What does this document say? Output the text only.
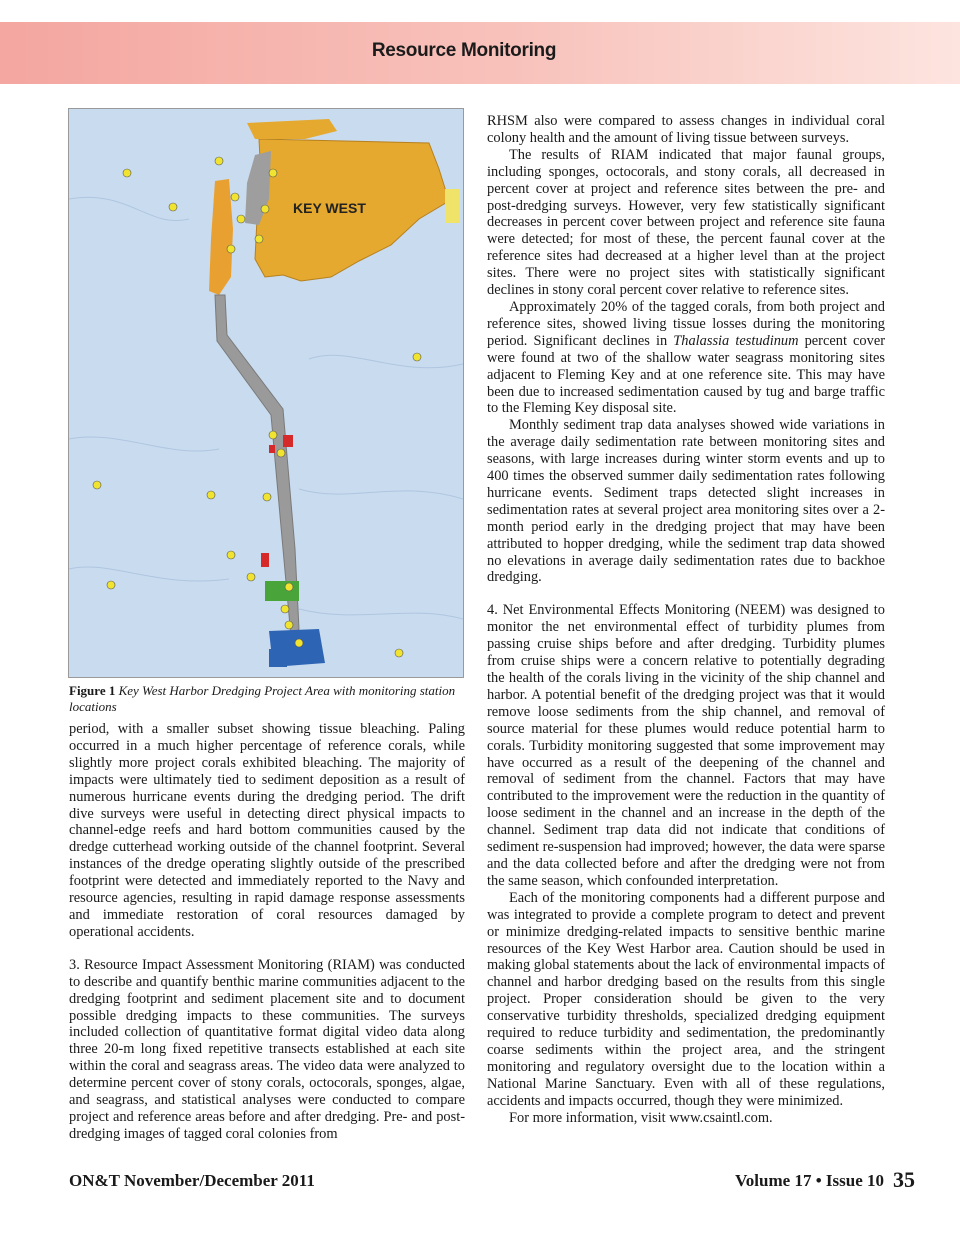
Resource Monitoring
KEY WEST
Figure 1 Key West Harbor Dredging Project Area with monitoring station locations

period, with a smaller subset showing tissue bleaching. Paling occurred in a much higher percentage of reference corals, while slightly more project corals exhibited bleaching. The majority of impacts were ultimately tied to sediment deposition as a result of numerous hurricane events during the dredging period. The drift dive surveys were useful in detecting direct physical impacts to channel-edge reefs and hard bottom communities caused by the dredge cutterhead working outside of the channel footprint. Several instances of the dredge operating slightly outside of the prescribed footprint were detected and immediately reported to the Navy and resource agencies, resulting in rapid damage response assessments and immediate restoration of coral resources damaged by operational accidents.

3. Resource Impact Assessment Monitoring (RIAM) was conducted to describe and quantify benthic marine communities adjacent to the dredging footprint and sediment placement site and to document possible dredging impacts to these communities. The surveys included collection of quantitative format digital video data along three 20-m long fixed repetitive transects established at each site within the coral and seagrass areas. The video data were analyzed to determine percent cover of stony corals, octocorals, sponges, algae, and seagrass, and statistical analyses were conducted to compare project and reference areas before and after dredging. Pre- and post-dredging images of tagged coral colonies from

RHSM also were compared to assess changes in individual coral colony health and the amount of living tissue between surveys.

The results of RIAM indicated that major faunal groups, including sponges, octocorals, and stony corals, all decreased in percent cover at project and reference sites between the pre- and post-dredging surveys. However, very few statistically significant decreases in percent cover between project and reference site fauna were detected; for most of these, the percent faunal cover at the reference sites had decreased at a higher level than at the project sites. There were no project sites with statistically significant declines in stony coral percent cover relative to reference sites.

Approximately 20% of the tagged corals, from both project and reference sites, showed living tissue losses during the monitoring period. Significant declines in Thalassia testudinum percent cover were found at two of the shallow water seagrass monitoring sites adjacent to Fleming Key and at one reference site. This may have been due to increased sedimentation caused by tug and barge traffic to the Fleming Key disposal site.

Monthly sediment trap data analyses showed wide variations in the average daily sedimentation rate between monitoring sites and seasons, with large increases during winter storm events and up to 400 times the observed summer daily sedimentation rates following hurricane events. Sediment traps detected slight increases in sedimentation rates at several project area monitoring sites over a 2-month period early in the dredging project that may have been attributed to hopper dredging, while the sediment trap data showed no elevations in average daily sedimentation rates due to backhoe dredging.

4. Net Environmental Effects Monitoring (NEEM) was designed to monitor the net environmental effect of turbidity plumes from passing cruise ships before and after dredging. Turbidity plumes from cruise ships were a concern relative to potentially degrading the health of the corals living in the vicinity of the ship channel and harbor. A potential benefit of the dredging project was that it would remove loose sediments from the ship channel, and removal of source material for these plumes would reduce potential harm to corals. Turbidity monitoring suggested that some improvement may have occurred as a result of the deepening of the channel and removal of sediment from the channel. Factors that may have contributed to the improvement were the reduction in the quantity of loose sediment in the channel and an increase in the depth of the channel. Sediment trap data did not indicate that conditions of sediment re-suspension had improved; however, the data were sparse and the data collected before and after the dredging were not from the same season, which confounded interpretation.

Each of the monitoring components had a different purpose and was integrated to provide a complete program to detect and prevent or minimize dredging-related impacts to sensitive benthic marine resources of the Key West Harbor area. Caution should be used in making global statements about the lack of environmental impacts of channel and harbor dredging based on the results from this single project. Proper consideration should be given to the very conservative turbidity thresholds, specialized dredging equipment required to reduce turbidity and sedimentation, the predominantly coarse sediments within the project area, and the stringent monitoring and regulatory oversight due to the location within a National Marine Sanctuary. Even with all of these regulations, accidents and impacts occurred, though they were minimized.

For more information, visit www.csaintl.com.

ON&T November/December 2011	Volume 17 • Issue 10 35
